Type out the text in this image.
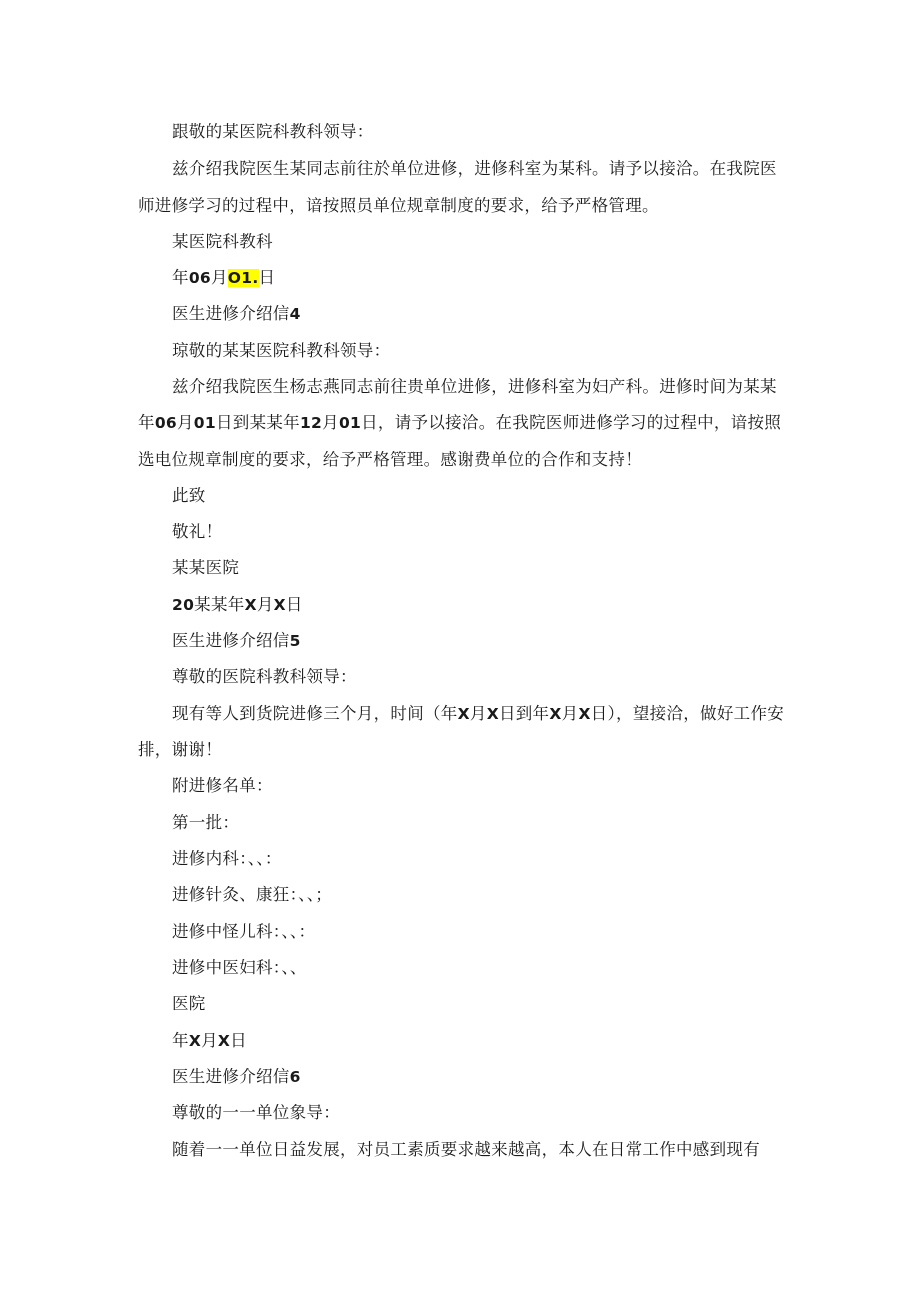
跟敬的某医院科教科领导：
兹介绍我院医生某同志前往於单位进修，进修科室为某科。请予以接洽。在我院医
师进修学习的过程中，谙按照员单位规章制度的要求，给予严格管理。
某医院科教科
年06月O1.日
医生进修介绍信4
琼敬的某某医院科教科领导：
兹介绍我院医生杨志燕同志前往贵单位进修，进修科室为妇产科。进修时间为某某
年06月01日到某某年12月01日，请予以接洽。在我院医师进修学习的过程中，谙按照
选电位规章制度的要求，给予严格管理。感谢费单位的合作和支持！
此致
敬礼！
某某医院
20某某年X月X日
医生进修介绍信5
尊敬的医院科教科领导：
现有等人到货院进修三个月，时间（年X月X日到年X月X日），望接洽，做好工作安
排，谢谢！
附进修名单：
第一批：
进修内科：、、：
进修针灸、康狂：、、；
进修中怪儿科：、、：
进修中医妇科：、、
医院
年X月X日
医生进修介绍信6
尊敬的一一单位象导：
随着一一单位日益发展，对员工素质要求越来越高，本人在日常工作中感到现有
